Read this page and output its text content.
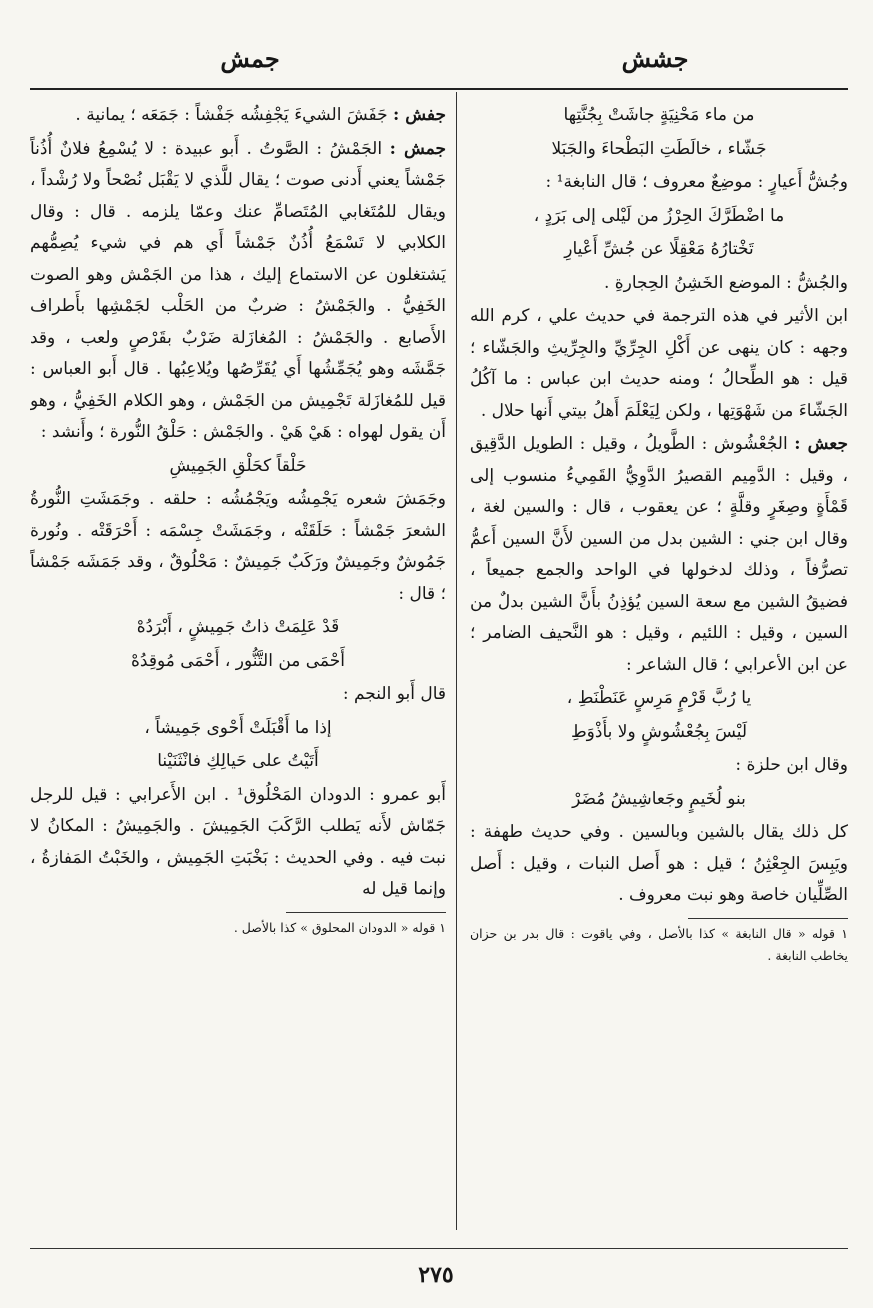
جشش
جمش

من ماء مَحْنِيَةٍ جاشَتْ بِجُنَّتِها

جَشّاء ، خالَطَتِ البَطْحاءَ والجَبَلا

وجُشُّ أَعيارٍ : موضِعٌ معروف ؛ قال النابغة¹ :

ما اضْطَرَّكَ الحِرْزُ من لَيْلى إلى بَرَدٍ ،

تَخْتارُهُ مَعْقِلًا عن جُشِّ أَعْيارِ

والجُشُّ : الموضع الخَشِنُ الحِجارةِ .

ابن الأثير في هذه الترجمة في حديث علي ، كرم الله وجهه : كان ينهى عن أَكْلِ الجِرِّيِّ والجِرِّيثِ والجَشّاء ؛ قيل : هو الطِّحالُ ؛ ومنه حديث ابن عباس : ما آكُلُ الجَشّاءَ من شَهْوَتِها ، ولكن لِيَعْلَمَ أَهلُ بيتي أَنها حلال .

جعش : الجُعْشُوش : الطَّويلُ ، وقيل : الطويل الدَّقِيق ، وقيل : الدَّمِيم القصيرُ الدَّوِيُّ القَمِيءُ منسوب إلى قَمْأَةٍ وصِغَرٍ وقلَّةٍ ؛ عن يعقوب ، قال : والسين لغة ، وقال ابن جني : الشين بدل من السين لأَنَّ السين أَعمُّ تصرُّفاً ، وذلك لدخولها في الواحد والجمع جميعاً ، فضيقُ الشين مع سعة السين يُؤذِنُ بأَنَّ الشين بدلٌ من السين ، وقيل : اللئيم ، وقيل : هو النَّحيف الضامر ؛ عن ابن الأعرابي ؛ قال الشاعر :

يا رُبَّ قَرْمٍ مَرِسٍ عَنَطْنَطِ ،

لَيْسَ بِجُعْشُوشٍ ولا بأَذْوَطِ

وقال ابن حلزة :

بنو لُخَيمٍ وجَعاشِيشُ مُضَرْ

كل ذلك يقال بالشين وبالسين . وفي حديث طهفة : ويَبِسَ الجِعْثِنُ ؛ قيل : هو أَصل النبات ، وقيل : أَصل الصِّلِّيان خاصة وهو نبت معروف .

١ قوله « قال النابغة » كذا بالأصل ، وفي ياقوت : قال بدر بن حزان يخاطب النابغة .

جفش : جَفَشَ الشيءَ يَجْفِشُه جَفْشاً : جَمَعَه ؛ يمانية .

جمش : الجَمْشُ : الصَّوتُ . أَبو عبيدة : لا يُسْمِعُ فلانٌ أُذُناً جَمْشاً يعني أَدنى صوت ؛ يقال للَّذي لا يَقْبَل نُصْحاً ولا رُشْداً ، ويقال للمُتَغابي المُتَصامِّ عنك وعمّا يلزمه . قال : وقال الكلابي لا تَسْمَعُ أُذُنٌ جَمْشاً أَي هم في شيء يُصِمُّهم يَشتغلون عن الاستماع إليك ، هذا من الجَمْش وهو الصوت الخَفِيُّ . والجَمْشُ : ضربٌ من الحَلْب لجَمْشِها بأَطراف الأَصابع . والجَمْشُ : المُغازَلة ضَرْبٌ بقَرْصٍ ولعب ، وقد جَمَّشَه وهو يُجَمِّشُها أَي يُقَرِّصُها ويُلاعِبُها . قال أَبو العباس : قيل للمُغازَلة تَجْمِيش من الجَمْش ، وهو الكلام الخَفِيُّ ، وهو أَن يقول لهواه : هَيْ هَيْ . والجَمْش : حَلْقُ النُّورة ؛ وأَنشد :

حَلْقاً كحَلْقِ الجَمِيشِ

وجَمَشَ شعره يَجْمِشُه ويَجْمُشُه : حلقه . وجَمَشَتِ النُّورةُ الشعرَ جَمْشاً : حَلَقَتْه ، وجَمَشَتْ جِسْمَه : أَحْرَقَتْه . ونُورة جَمُوشٌ وجَمِيشٌ ورَكَبٌ جَمِيشٌ : مَحْلُوقٌ ، وقد جَمَشَه جَمْشاً ؛ قال :

قَدْ عَلِمَتْ ذاتُ جَمِيشٍ ، أَبْرَدُهْ

أَحْمَى من التَّنُّور ، أَحْمَى مُوقِدُهْ

قال أَبو النجم :

إذا ما أَقْبَلَتْ أَحْوى جَمِيشاً ،

أَتَيْتُ على حَيالِكِ فانْثَنَيْنا

أَبو عمرو : الدودان المَحْلُوق¹ . ابن الأَعرابي : قيل للرجل جَمّاش لأَنه يَطلب الرَّكَبَ الجَمِيشَ . والجَمِيشُ : المكانُ لا نبت فيه . وفي الحديث : بَخْبَتِ الجَمِيش ، والخَبْتُ المَفازةُ ، وإنما قيل له

١ قوله « الدودان المحلوق » كذا بالأصل .

٢٧٥
